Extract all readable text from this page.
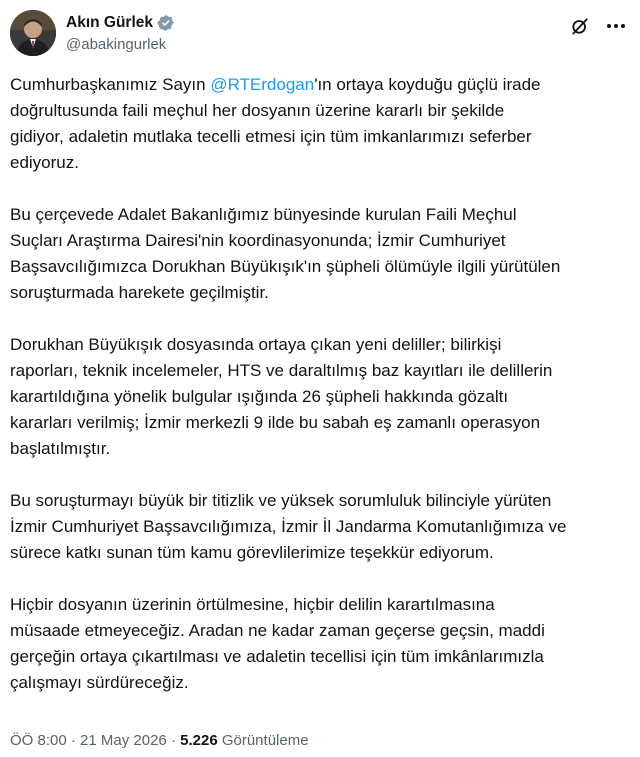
Akın Gürlek
@abakingurlek

Cumhurbaşkanımız Sayın @RTErdogan'ın ortaya koyduğu güçlü irade
doğrultusunda faili meçhul her dosyanın üzerine kararlı bir şekilde
gidiyor, adaletin mutlaka tecelli etmesi için tüm imkanlarımızı seferber
ediyoruz.

Bu çerçevede Adalet Bakanlığımız bünyesinde kurulan Faili Meçhul
Suçları Araştırma Dairesi'nin koordinasyonunda; İzmir Cumhuriyet
Başsavcılığımızca Dorukhan Büyükışık'ın şüpheli ölümüyle ilgili yürütülen
soruşturmada harekete geçilmiştir.

Dorukhan Büyükışık dosyasında ortaya çıkan yeni deliller; bilirkişi
raporları, teknik incelemeler, HTS ve daraltılmış baz kayıtları ile delillerin
karartıldığına yönelik bulgular ışığında 26 şüpheli hakkında gözaltı
kararları verilmiş; İzmir merkezli 9 ilde bu sabah eş zamanlı operasyon
başlatılmıştır.

Bu soruşturmayı büyük bir titizlik ve yüksek sorumluluk bilinciyle yürüten
İzmir Cumhuriyet Başsavcılığımıza, İzmir İl Jandarma Komutanlığımıza ve
sürece katkı sunan tüm kamu görevlilerimize teşekkür ediyorum.

Hiçbir dosyanın üzerinin örtülmesine, hiçbir delilin karartılmasına
müsaade etmeyeceğiz. Aradan ne kadar zaman geçerse geçsin, maddi
gerçeğin ortaya çıkartılması ve adaletin tecellisi için tüm imkânlarımızla
çalışmayı sürdüreceğiz.

ÖÖ 8:00 · 21 May 2026 · 5.226 Görüntüleme
